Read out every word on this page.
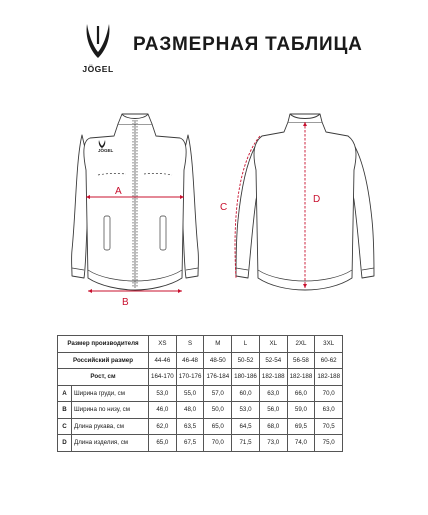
JÖGEL
РАЗМЕРНАЯ ТАБЛИЦА
JÖGEL
A
B
C
D
Размер производителя		XS	S	M	L	XL	2XL	3XL
Российский размер		44-46	46-48	48-50	50-52	52-54	56-58	60-62
Рост, см		164-170	170-176	176-184	180-186	182-188	182-188	182-188
A	Ширина груди, см	53,0	55,0	57,0	60,0	63,0	66,0	70,0
B	Ширина по низу, см	46,0	48,0	50,0	53,0	56,0	59,0	63,0
C	Длина рукава, см	62,0	63,5	65,0	64,5	68,0	69,5	70,5
D	Длина изделия, см	65,0	67,5	70,0	71,5	73,0	74,0	75,0
